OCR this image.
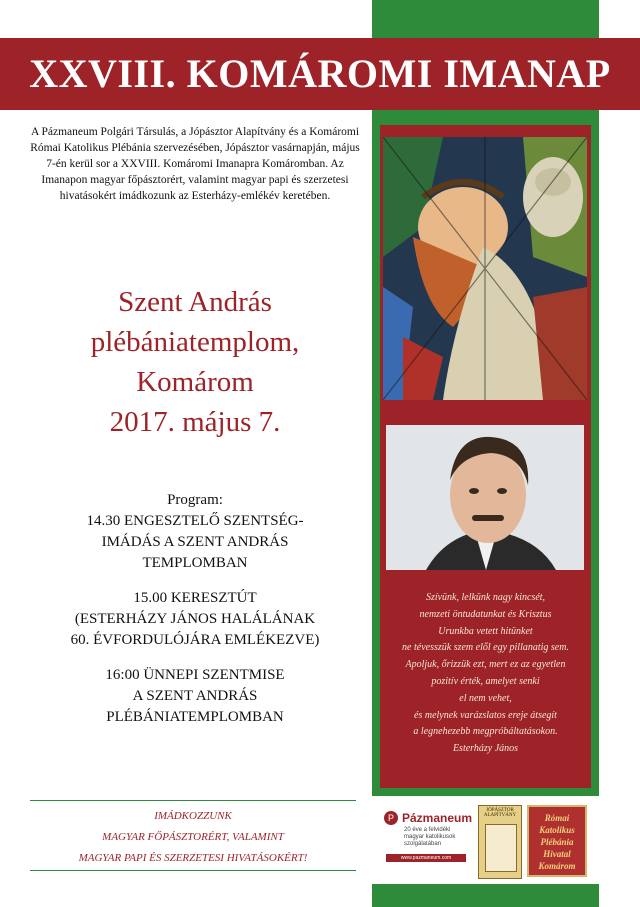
XXVIII. KOMÁROMI IMANAP
A Pázmaneum Polgári Társulás, a Jópásztor Alapítvány és a Komáromi Római Katolikus Plébánia szervezésében, Jópásztor vasárnapján, május 7-én kerül sor a XXVIII. Komáromi Imanapra Komáromban. Az Imanapon magyar főpásztorért, valamint magyar papi és szerzetesi hivatásokért imádkozunk az Esterházy-emlékév keretében.
Szent András
plébániatemplom,
Komárom
2017. május 7.
Program:
14.30 ENGESZTELŐ SZENTSÉG-
IMÁDÁS A SZENT ANDRÁS
TEMPLOMBAN
15.00 KERESZTÚT
(ESTERHÁZY JÁNOS HALÁLÁNAK
60. ÉVFORDULÓJÁRA EMLÉKEZVE)
16:00 ÜNNEPI SZENTMISE
A SZENT ANDRÁS
PLÉBÁNIATEMPLOMBAN
IMÁDKOZZUNK
MAGYAR FŐPÁSZTORÉRT, VALAMINT
MAGYAR PAPI ÉS SZERZETESI HIVATÁSOKÉRT!
Szívünk, lelkünk nagy kincsét,
nemzeti öntudatunkat és Krisztus
Urunkba vetett hitünket
ne tévesszük szem elől egy pillanatig sem.
Apoljuk, őrizzük ezt, mert ez az egyetlen
pozitív érték, amelyet senki
el nem vehet,
és melynek varázslatos ereje átsegít
a legnehezebb megpróbáltatásokon.
Esterházy János
P Pázmaneum
20 éve a felvidéki magyar katolikusok szolgálatában
www.pazmaneum.com
JÓPÁSZTOR ALAPÍTVÁNY	Római
Katolikus
Plébánia
Hivatal
Komárom
